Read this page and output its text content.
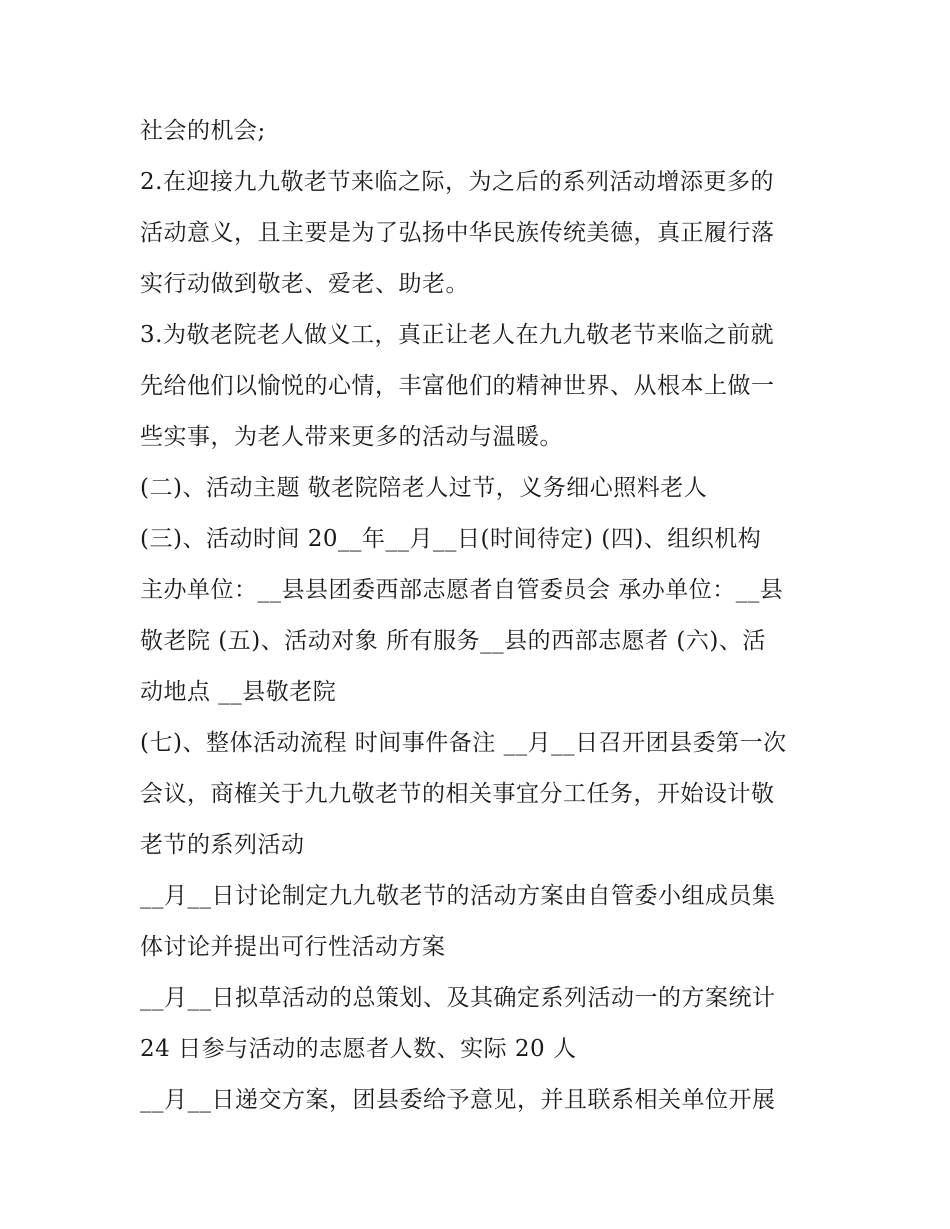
社会的机会;
2.在迎接九九敬老节来临之际，为之后的系列活动增添更多的
活动意义，且主要是为了弘扬中华民族传统美德，真正履行落
实行动做到敬老、爱老、助老。
3.为敬老院老人做义工，真正让老人在九九敬老节来临之前就
先给他们以愉悦的心情，丰富他们的精神世界、从根本上做一
些实事，为老人带来更多的活动与温暖。
(二)、活动主题 敬老院陪老人过节，义务细心照料老人
(三)、活动时间 20__年__月__日(时间待定) (四)、组织机构
主办单位：__县县团委西部志愿者自管委员会 承办单位：__县
敬老院 (五)、活动对象 所有服务__县的西部志愿者 (六)、活
动地点 __县敬老院
(七)、整体活动流程 时间事件备注 __月__日召开团县委第一次
会议，商榷关于九九敬老节的相关事宜分工任务，开始设计敬
老节的系列活动
__月__日讨论制定九九敬老节的活动方案由自管委小组成员集
体讨论并提出可行性活动方案
__月__日拟草活动的总策划、及其确定系列活动一的方案统计
24 日参与活动的志愿者人数、实际 20 人
__月__日递交方案，团县委给予意见，并且联系相关单位开展
